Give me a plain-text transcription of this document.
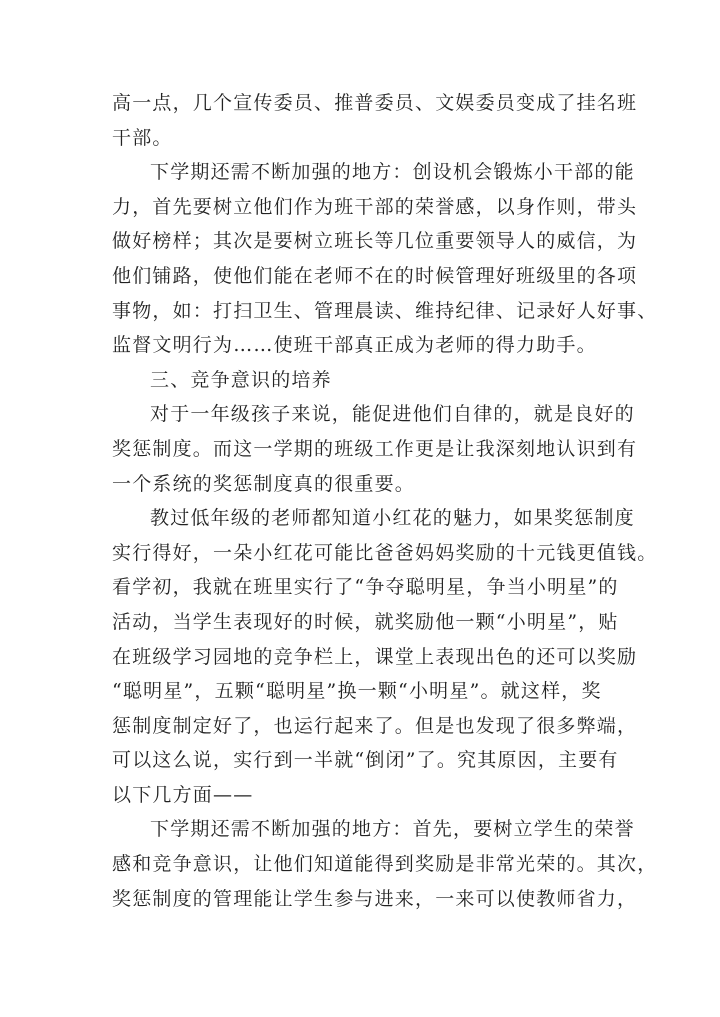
高一点，几个宣传委员、推普委员、文娱委员变成了挂名班
干部。

下学期还需不断加强的地方：创设机会锻炼小干部的能
力，首先要树立他们作为班干部的荣誉感，以身作则，带头
做好榜样；其次是要树立班长等几位重要领导人的威信，为
他们铺路，使他们能在老师不在的时候管理好班级里的各项
事物，如：打扫卫生、管理晨读、维持纪律、记录好人好事、
监督文明行为……使班干部真正成为老师的得力助手。

三、竞争意识的培养

对于一年级孩子来说，能促进他们自律的，就是良好的
奖惩制度。而这一学期的班级工作更是让我深刻地认识到有
一个系统的奖惩制度真的很重要。

教过低年级的老师都知道小红花的魅力，如果奖惩制度
实行得好，一朵小红花可能比爸爸妈妈奖励的十元钱更值钱。
看学初，我就在班里实行了“争夺聪明星，争当小明星”的
活动，当学生表现好的时候，就奖励他一颗“小明星”，贴
在班级学习园地的竞争栏上，课堂上表现出色的还可以奖励
“聪明星”，五颗“聪明星”换一颗“小明星”。就这样，奖
惩制度制定好了，也运行起来了。但是也发现了很多弊端，
可以这么说，实行到一半就“倒闭”了。究其原因，主要有
以下几方面——

下学期还需不断加强的地方：首先，要树立学生的荣誉
感和竞争意识，让他们知道能得到奖励是非常光荣的。其次，
奖惩制度的管理能让学生参与进来，一来可以使教师省力，
